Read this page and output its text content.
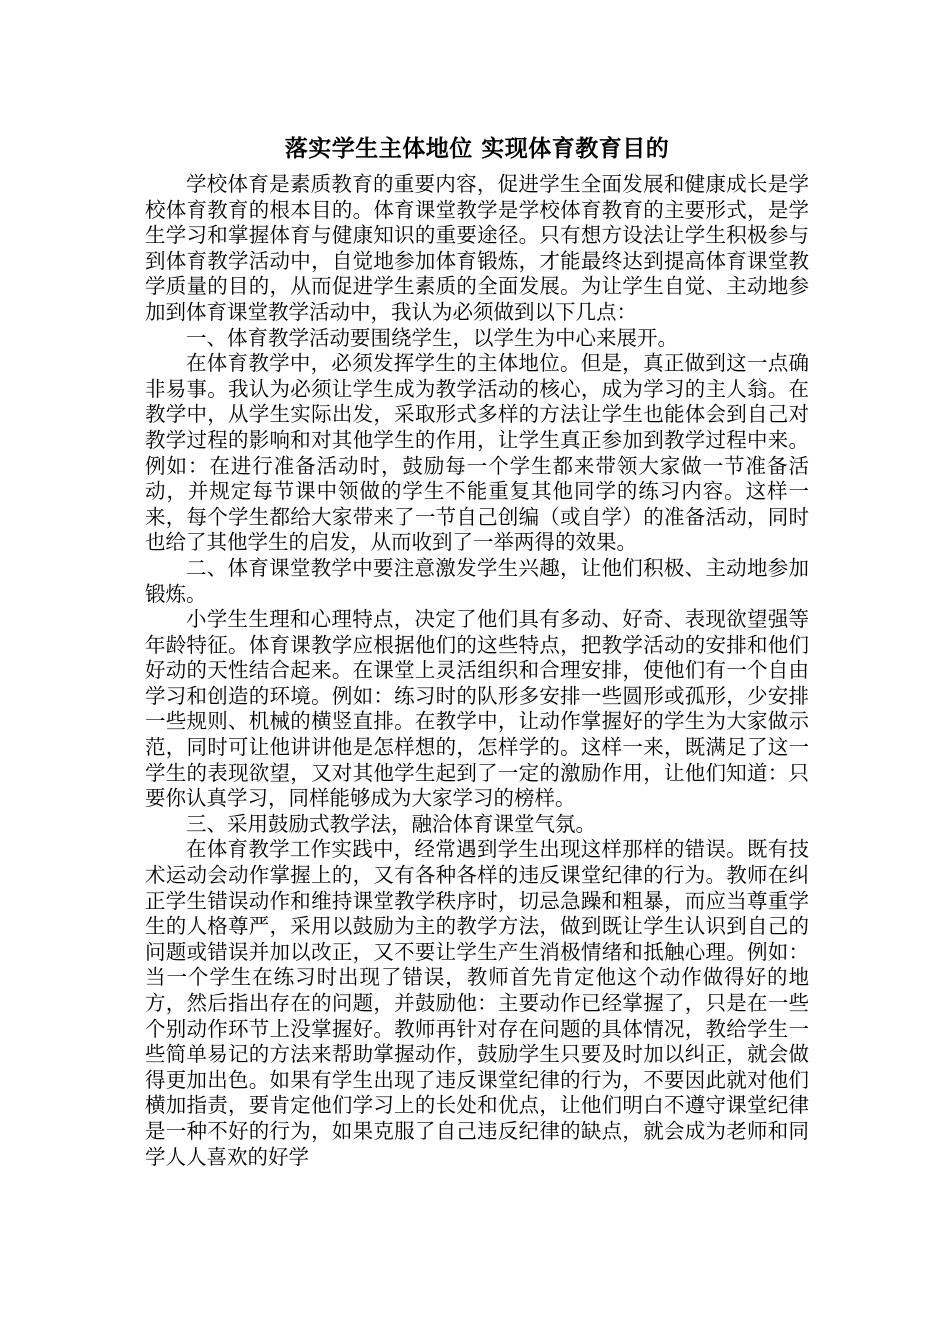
落实学生主体地位 实现体育教育目的

学校体育是素质教育的重要内容，促进学生全面发展和健康成长是学校体育教育的根本目的。体育课堂教学是学校体育教育的主要形式，是学生学习和掌握体育与健康知识的重要途径。只有想方设法让学生积极参与到体育教学活动中，自觉地参加体育锻炼，才能最终达到提高体育课堂教学质量的目的，从而促进学生素质的全面发展。为让学生自觉、主动地参加到体育课堂教学活动中，我认为必须做到以下几点：

一、体育教学活动要围绕学生，以学生为中心来展开。

在体育教学中，必须发挥学生的主体地位。但是，真正做到这一点确非易事。我认为必须让学生成为教学活动的核心，成为学习的主人翁。在教学中，从学生实际出发，采取形式多样的方法让学生也能体会到自己对教学过程的影响和对其他学生的作用，让学生真正参加到教学过程中来。例如：在进行准备活动时，鼓励每一个学生都来带领大家做一节准备活动，并规定每节课中领做的学生不能重复其他同学的练习内容。这样一来，每个学生都给大家带来了一节自己创编（或自学）的准备活动，同时也给了其他学生的启发，从而收到了一举两得的效果。

二、体育课堂教学中要注意激发学生兴趣，让他们积极、主动地参加锻炼。

小学生生理和心理特点，决定了他们具有多动、好奇、表现欲望强等年龄特征。体育课教学应根据他们的这些特点，把教学活动的安排和他们好动的天性结合起来。在课堂上灵活组织和合理安排，使他们有一个自由学习和创造的环境。例如：练习时的队形多安排一些圆形或孤形，少安排一些规则、机械的横竖直排。在教学中，让动作掌握好的学生为大家做示范，同时可让他讲讲他是怎样想的，怎样学的。这样一来，既满足了这一学生的表现欲望，又对其他学生起到了一定的激励作用，让他们知道：只要你认真学习，同样能够成为大家学习的榜样。

三、采用鼓励式教学法，融洽体育课堂气氛。

在体育教学工作实践中，经常遇到学生出现这样那样的错误。既有技术运动会动作掌握上的，又有各种各样的违反课堂纪律的行为。教师在纠正学生错误动作和维持课堂教学秩序时，切忌急躁和粗暴，而应当尊重学生的人格尊严，采用以鼓励为主的教学方法，做到既让学生认识到自己的问题或错误并加以改正，又不要让学生产生消极情绪和抵触心理。例如：当一个学生在练习时出现了错误，教师首先肯定他这个动作做得好的地方，然后指出存在的问题，并鼓励他：主要动作已经掌握了，只是在一些个别动作环节上没掌握好。教师再针对存在问题的具体情况，教给学生一些简单易记的方法来帮助掌握动作，鼓励学生只要及时加以纠正，就会做得更加出色。如果有学生出现了违反课堂纪律的行为，不要因此就对他们横加指责，要肯定他们学习上的长处和优点，让他们明白不遵守课堂纪律是一种不好的行为，如果克服了自己违反纪律的缺点，就会成为老师和同学人人喜欢的好学
